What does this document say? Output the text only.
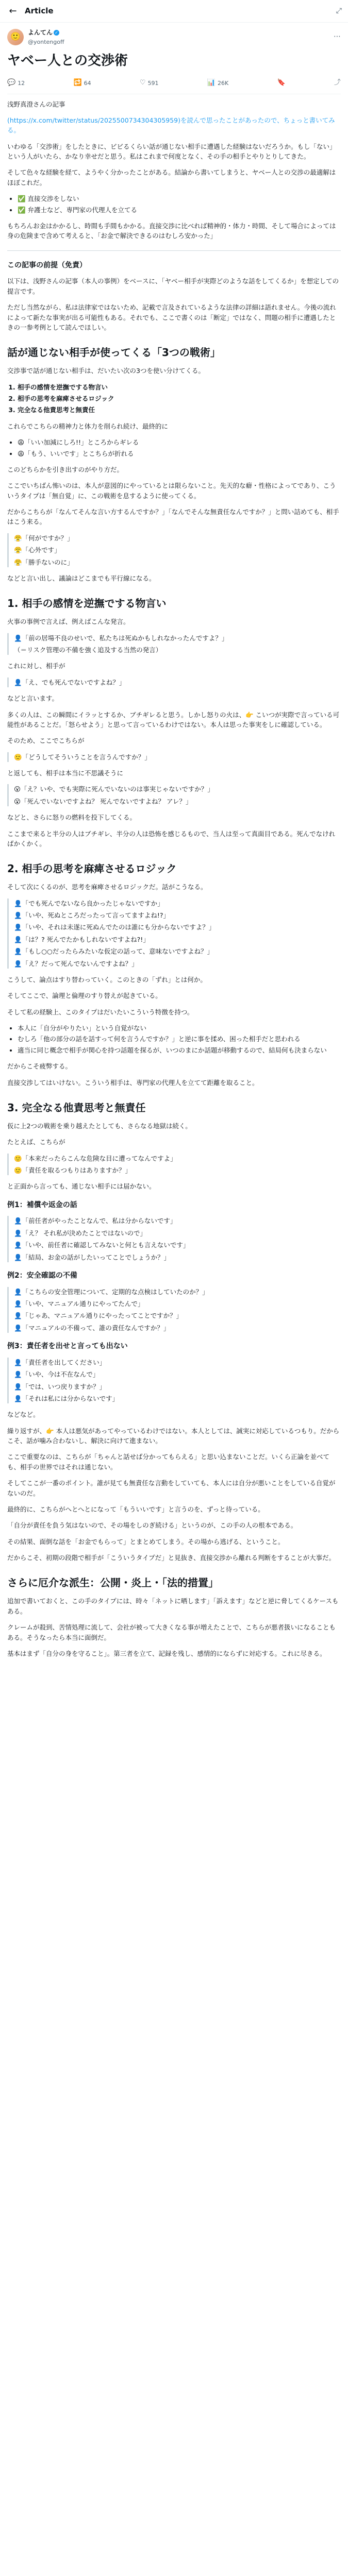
←	Article	⤢
🙂	よんてん ✓
@yontengoff
⋯
ヤベー人との交渉術
💬 12	🔁 64	♡ 591	📊 26K	🔖	⤴

浅野真澄さんの記事

(https://x.com/twitter/status/2025500734304305959)を読んで思ったことがあったので、ちょっと書いてみる。

いわゆる「交渉術」をしたときに、ビビるくらい話が通じない相手に遭遇した経験はないだろうか。もし「ない」という人がいたら、かなり幸せだと思う。私はこれまで何度となく、その手の相手とやりとりしてきた。

そして色々な経験を経て、ようやく分かったことがある。結論から書いてしまうと、ヤベー人との交渉の最適解はほぼこれだ。

• ✅ 直接交渉をしない
• ✅ 弁護士など、専門家の代理人を立てる

もちろんお金はかかるし、時間も手間もかかる。直接交渉に比べれば精神的・体力・時間、そして場合によっては身の危険まで含めて考えると、「お金で解決できるのはむしろ安かった」

この記事の前提（免責）

以下は、浅野さんの記事（本人の事例）をベースに、「ヤベー相手が実際どのような話をしてくるか」を想定しての提言です。

ただし当然ながら、私は法律家ではないため、記載で言及されているような法律の詳細は語れません。今後の流れによって新たな事実が出る可能性もある。それでも、ここで書くのは「断定」ではなく、問題の相手に遭遇したときの一参考例として読んでほしい。

話が通じない相手が使ってくる「3つの戦術」

交渉事で話が通じない相手は、だいたい次の3つを使い分けてくる。

1. 相手の感情を逆撫でする物言い
2. 相手の思考を麻痺させるロジック
3. 完全なる他責思考と無責任

これらでこちらの精神力と体力を削られ続け、最終的に

• 😩「いい加減にしろ!!」ところからギレる
• 😩「もう、いいです」とこちらが折れる

このどちらかを引き出すのがやり方だ。

ここでいちばん怖いのは、本人が意図的にやっているとは限らないこと。先天的な癖・性格によってであり、こういうタイプは「無自覚」に、この戦術を息するように使ってくる。

だからこちらが「なんてそんな言い方するんですか？」「なんでそんな無責任なんですか？」と問い詰めても、相手はこう来る。

😤「何がですか？」

😤「心外です」

😤「勝手ないのに」

などと言い出し、議論はどこまでも平行線になる。

1. 相手の感情を逆撫でする物言い

火事の事例で言えば、例えばこんな発言。

👤「前の居場不良のせいで、私たちは死ぬかもしれなかったんですよ？」

（＝リスク管理の不備を強く追及する当然の発言）

これに対し、相手が

👤「え、でも死んでないですよね？」

などと言います。

多くの人は、この瞬間にイラッとするか、ブチギレると思う。しかし怒りの火は、👉 こいつが実際で言っている可能性があることだ。「怒らせよう」と思って言っているわけではない。本人は思った事実をしに確認している。

そのため、ここでこちらが

🙂「どうしてそういうことを言うんですか？」

と返しても、相手は本当に不思議そうに

😮「え？いや、でも実際に死んでいないのは事実じゃないですか？」

😮「死んでいないですよね？ 死んでないですよね？ アレ？」

などと、さらに怒りの燃料を投下してくる。

ここまで来ると半分の人はブチギレ、半分の人は恐怖を感じるもので、当人は至って真面目である。死んでなければかくかく。

2. 相手の思考を麻痺させるロジック

そして次にくるのが、思考を麻痺させるロジックだ。話がこうなる。

👤「でも死んでないなら良かったじゃないですか」

👤「いや、死ぬところだったって言ってますよね!?」

👤「いや、それは未遂に死ぬんでたのは誰にも分からないですよ？」

👤「は？? 死んでたかもしれないですよね?!」

👤「もし○○だったらみたいな仮定の話って、意味ないですよね？」

👤「え？だって死んでないんですよね？」

こうして、論点はすり替わっていく。このときの「ずれ」とは何か。

そしてここで、論理と倫理のすり替えが起きている。

そして私の経験上、このタイプはだいたいこういう特徴を持つ。

• 本人に「自分がやりたい」という自覚がない
• むしろ「他の部分の話を話すって何を言うんですか？」と逆に事を揉め、困った相手だと思われる
• 適当に同じ概念で相手が関心を持つ話題を探るが、いつのまにか話題が移動するので、結局何も決まらない

だからこそ疲弊する。

直接交渉してはいけない。こういう相手は、専門家の代理人を立てて距離を取ること。

3. 完全なる他責思考と無責任

仮に上2つの戦術を乗り越えたとしても、さらなる地獄は続く。

たとえば、こちらが

🙂「本来だったらこんな危険な目に遭ってなんですよ」

🙂「責任を取るつもりはありますか？」

と正面から言っても、通じない相手には届かない。

例1：補償や返金の話

👤「前任者がやったことなんで、私は分からないです」

👤「え？ それ私が決めたことではないので」

👤「いや、前任者に確認してみないと何とも言えないです」

👤「結局、お金の話がしたいってことでしょうか？」

例2：安全確認の不備

👤「こちらの安全管理について、定期的な点検はしていたのか？」

👤「いや、マニュアル通りにやってたんで」

👤「じゃあ、マニュアル通りにやったってことですか？」

👤「マニュアルの不備って、誰の責任なんですか？」

例3：責任者を出せと言っても出ない

👤「責任者を出してください」

👤「いや、今は不在なんで」

👤「では、いつ戻りますか？」

👤「それは私には分からないです」

などなど。

繰り返すが、👉 本人は悪気があってやっているわけではない。本人としては、誠実に対応しているつもり。だからこそ、話が噛み合わないし、解決に向けて進まない。

ここで重要なのは、こちらが「ちゃんと話せば分かってもらえる」と思い込まないことだ。いくら正論を並べても、相手の世界ではそれは通じない。

そしてここが一番のポイント。誰が見ても無責任な言動をしていても、本人には自分が悪いことをしている自覚がないのだ。

最終的に、こちらがへとへとになって「もういいです」と言うのを、ずっと待っている。

「自分が責任を負う気はないので、その場をしのぎ続ける」というのが、この手の人の根本である。

その結果、面倒な話を「お金でもらって」とまとめてしまう。その場から逃げる、ということ。

だからこそ、初期の段階で相手が「こういうタイプだ」と見抜き、直接交渉から離れる判断をすることが大事だ。

さらに厄介な派生：公開・炎上・「法的措置」

追加で書いておくと、この手のタイプには、時々「ネットに晒します」「訴えます」などと逆に脅してくるケースもある。

クレームが殺到、苦情処理に流して、会社が被って大きくなる事が増えたことで、こちらが悪者扱いになることもある。そうなったら本当に面倒だ。

基本はまず「自分の身を守ること」。第三者を立て、記録を残し、感情的にならずに対応する。これに尽きる。
